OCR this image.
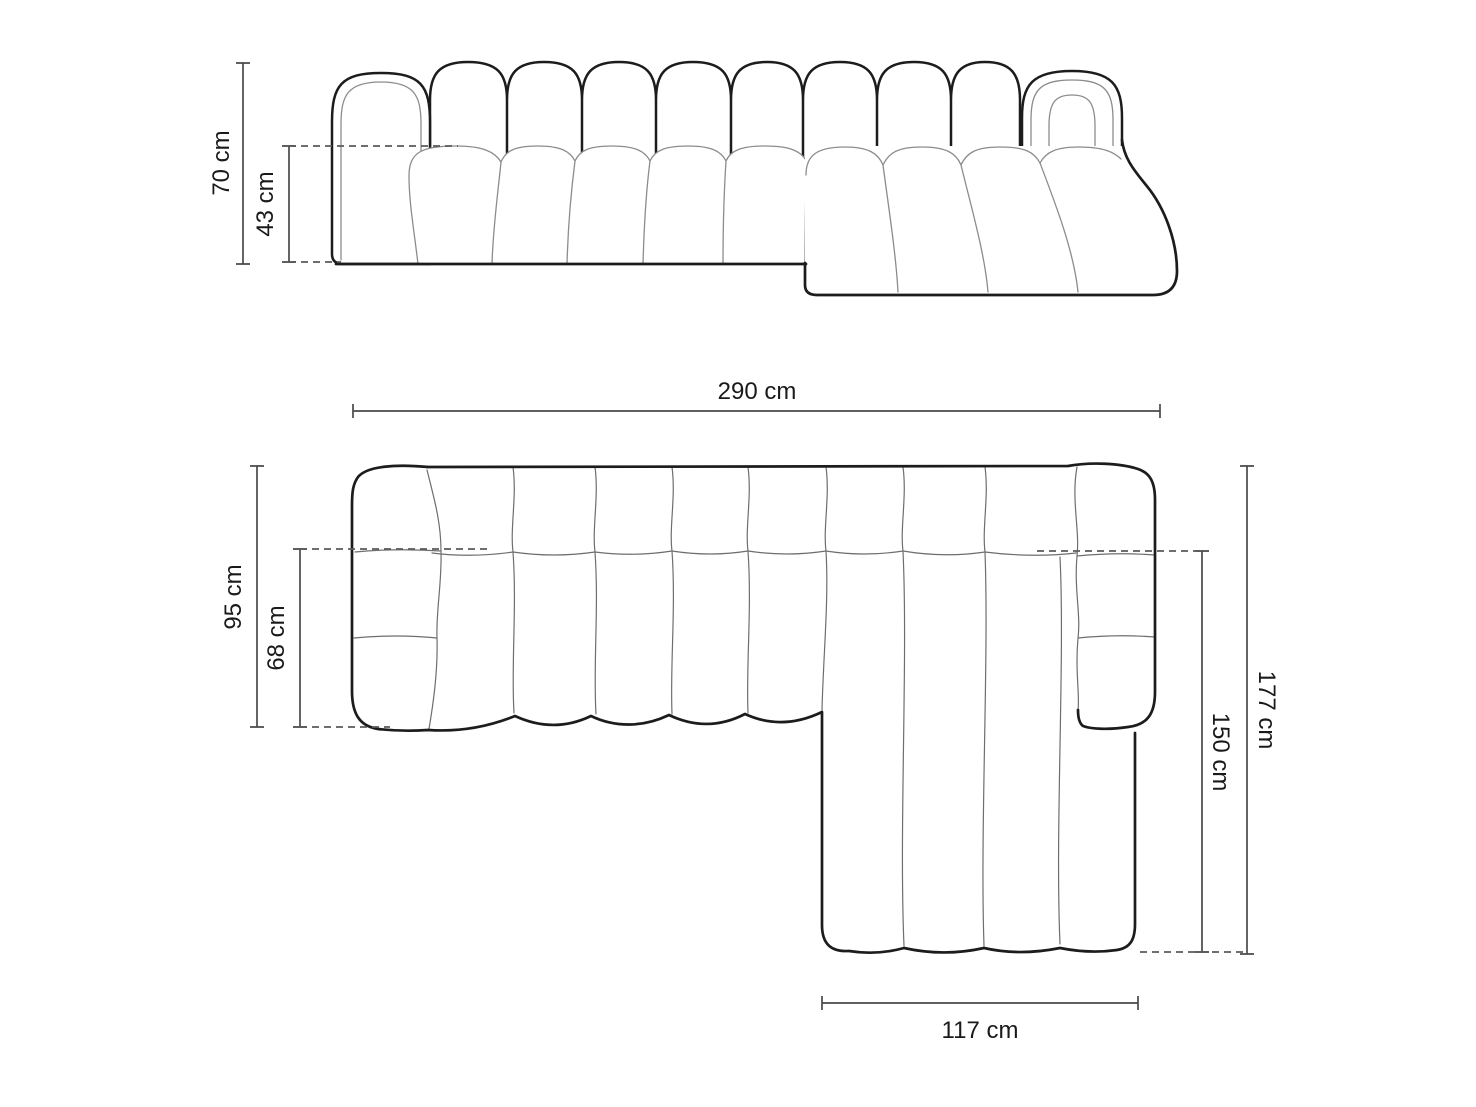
70 cm
43 cm
290 cm
95 cm
68 cm
177 cm
150 cm
117 cm
